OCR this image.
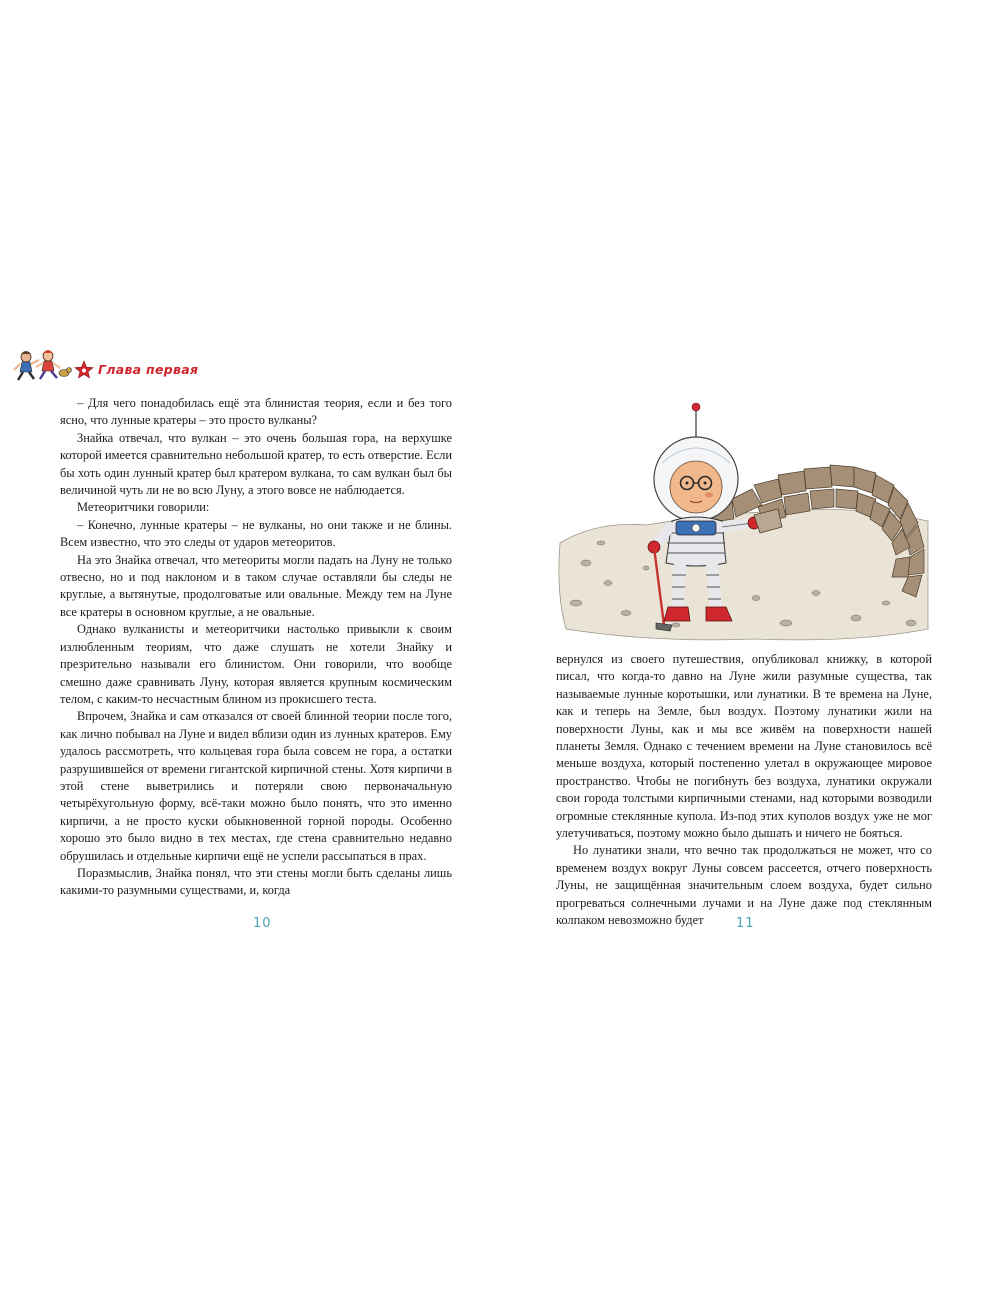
Глава первая

– Для чего понадобилась ещё эта блинистая теория, если и без того ясно, что лунные кратеры – это просто вулканы?

Знайка отвечал, что вулкан – это очень большая гора, на верхушке которой имеется сравнительно небольшой кратер, то есть отверстие. Если бы хоть один лунный кратер был кратером вулкана, то сам вулкан был бы величиной чуть ли не во всю Луну, а этого вовсе не наблюдается.

Метеоритчики говорили:

– Конечно, лунные кратеры – не вулканы, но они также и не блины. Всем известно, что это следы от ударов метеоритов.

На это Знайка отвечал, что метеориты могли падать на Луну не только отвесно, но и под наклоном и в таком случае оставляли бы следы не круглые, а вытянутые, продолговатые или овальные. Между тем на Луне все кратеры в основном круглые, а не овальные.

Однако вулканисты и метеоритчики настолько привыкли к своим излюбленным теориям, что даже слушать не хотели Знайку и презрительно называли его блинистом. Они говорили, что вообще смешно даже сравнивать Луну, которая является крупным космическим телом, с каким-то несчастным блином из прокисшего теста.

Впрочем, Знайка и сам отказался от своей блинной теории после того, как лично побывал на Луне и видел вблизи один из лунных кратеров. Ему удалось рассмотреть, что кольцевая гора была совсем не гора, а остатки разрушившейся от времени гигантской кирпичной стены. Хотя кирпичи в этой стене выветрились и потеряли свою первоначальную четырёхугольную форму, всё-таки можно было понять, что это именно кирпичи, а не просто куски обыкновенной горной породы. Особенно хорошо это было видно в тех местах, где стена сравнительно недавно обрушилась и отдельные кирпичи ещё не успели рассыпаться в прах.

Поразмыслив, Знайка понял, что эти стены могли быть сделаны лишь какими-то разумными существами, и, когда

вернулся из своего путешествия, опубликовал книжку, в которой писал, что когда-то давно на Луне жили разумные существа, так называемые лунные коротышки, или лунатики. В те времена на Луне, как и теперь на Земле, был воздух. Поэтому лунатики жили на поверхности Луны, как и мы все живём на поверхности нашей планеты Земля. Однако с течением времени на Луне становилось всё меньше воздуха, который постепенно улетал в окружающее мировое пространство. Чтобы не погибнуть без воздуха, лунатики окружали свои города толстыми кирпичными стенами, над которыми возводили огромные стеклянные купола. Из-под этих куполов воздух уже не мог улетучиваться, поэтому можно было дышать и ничего не бояться.

Но лунатики знали, что вечно так продолжаться не может, что со временем воздух вокруг Луны совсем рассеется, отчего поверхность Луны, не защищённая значительным слоем воздуха, будет сильно прогреваться солнечными лучами и на Луне даже под стеклянным колпаком невозможно будет

10	11
